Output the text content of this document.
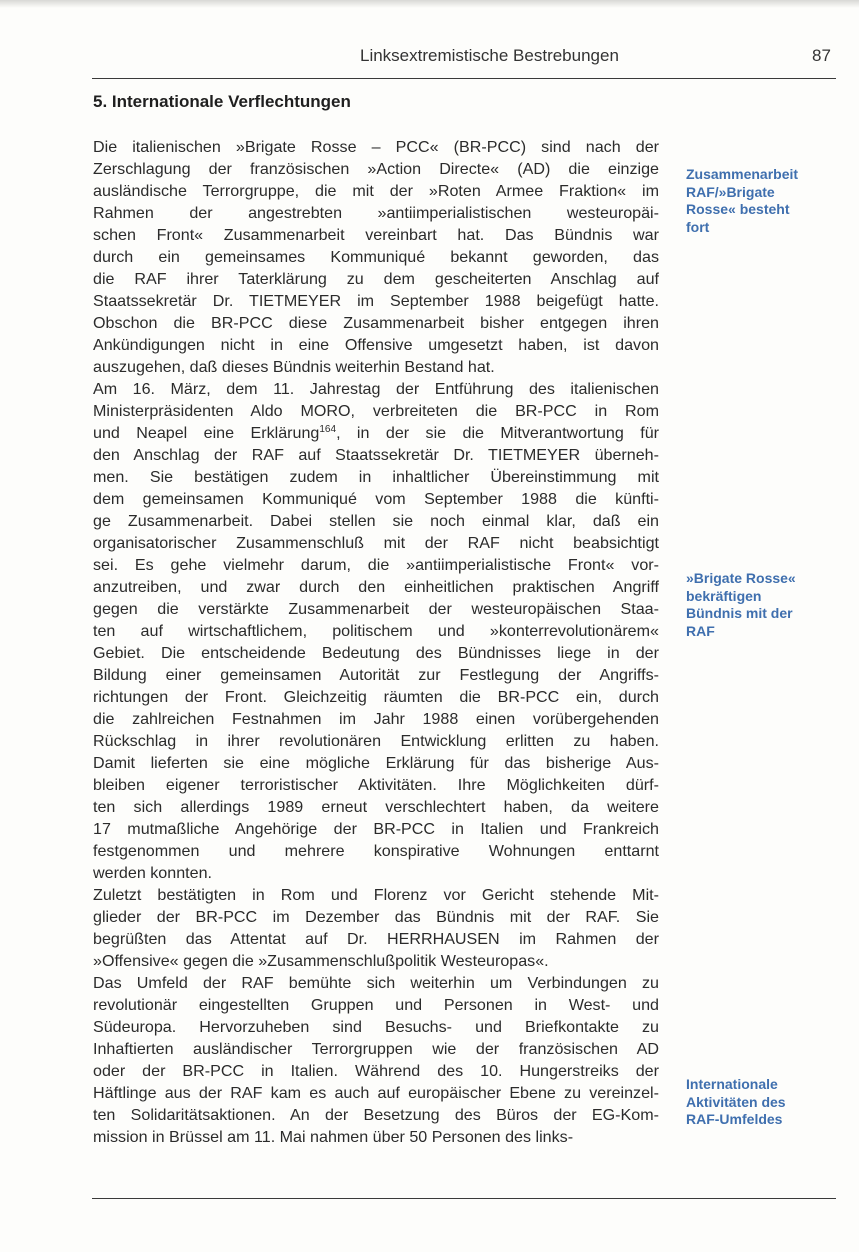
Linksextremistische Bestrebungen	87
5. Internationale Verflechtungen
Die italienischen »Brigate Rosse – PCC« (BR-PCC) sind nach der
Zerschlagung der französischen »Action Directe« (AD) die einzige
ausländische Terrorgruppe, die mit der »Roten Armee Fraktion« im
Rahmen der angestrebten »antiimperialistischen westeuropäi-
schen Front« Zusammenarbeit vereinbart hat. Das Bündnis war
durch ein gemeinsames Kommuniqué bekannt geworden, das
die RAF ihrer Taterklärung zu dem gescheiterten Anschlag auf
Staatssekretär Dr. TIETMEYER im September 1988 beigefügt hatte.
Obschon die BR-PCC diese Zusammenarbeit bisher entgegen ihren
Ankündigungen nicht in eine Offensive umgesetzt haben, ist davon
auszugehen, daß dieses Bündnis weiterhin Bestand hat.
Am 16. März, dem 11. Jahrestag der Entführung des italienischen
Ministerpräsidenten Aldo MORO, verbreiteten die BR-PCC in Rom
und Neapel eine Erklärung$^{164}$, in der sie die Mitverantwortung für
den Anschlag der RAF auf Staatssekretär Dr. TIETMEYER überneh-
men. Sie bestätigen zudem in inhaltlicher Übereinstimmung mit
dem gemeinsamen Kommuniqué vom September 1988 die künfti-
ge Zusammenarbeit. Dabei stellen sie noch einmal klar, daß ein
organisatorischer Zusammenschluß mit der RAF nicht beabsichtigt
sei. Es gehe vielmehr darum, die »antiimperialistische Front« vor-
anzutreiben, und zwar durch den einheitlichen praktischen Angriff
gegen die verstärkte Zusammenarbeit der westeuropäischen Staa-
ten auf wirtschaftlichem, politischem und »konterrevolutionärem«
Gebiet. Die entscheidende Bedeutung des Bündnisses liege in der
Bildung einer gemeinsamen Autorität zur Festlegung der Angriffs-
richtungen der Front. Gleichzeitig räumten die BR-PCC ein, durch
die zahlreichen Festnahmen im Jahr 1988 einen vorübergehenden
Rückschlag in ihrer revolutionären Entwicklung erlitten zu haben.
Damit lieferten sie eine mögliche Erklärung für das bisherige Aus-
bleiben eigener terroristischer Aktivitäten. Ihre Möglichkeiten dürf-
ten sich allerdings 1989 erneut verschlechtert haben, da weitere
17 mutmaßliche Angehörige der BR-PCC in Italien und Frankreich
festgenommen und mehrere konspirative Wohnungen enttarnt
werden konnten.
Zuletzt bestätigten in Rom und Florenz vor Gericht stehende Mit-
glieder der BR-PCC im Dezember das Bündnis mit der RAF. Sie
begrüßten das Attentat auf Dr. HERRHAUSEN im Rahmen der
»Offensive« gegen die »Zusammenschlußpolitik Westeuropas«.
Das Umfeld der RAF bemühte sich weiterhin um Verbindungen zu
revolutionär eingestellten Gruppen und Personen in West- und
Südeuropa. Hervorzuheben sind Besuchs- und Briefkontakte zu
Inhaftierten ausländischer Terrorgruppen wie der französischen AD
oder der BR-PCC in Italien. Während des 10. Hungerstreiks der
Häftlinge aus der RAF kam es auch auf europäischer Ebene zu vereinzel-
ten Solidaritätsaktionen. An der Besetzung des Büros der EG-Kom-
mission in Brüssel am 11. Mai nahmen über 50 Personen des links-
Zusammenarbeit
RAF/»Brigate
Rosse« besteht
fort
»Brigate Rosse«
bekräftigen
Bündnis mit der
RAF
Internationale
Aktivitäten des
RAF-Umfeldes
